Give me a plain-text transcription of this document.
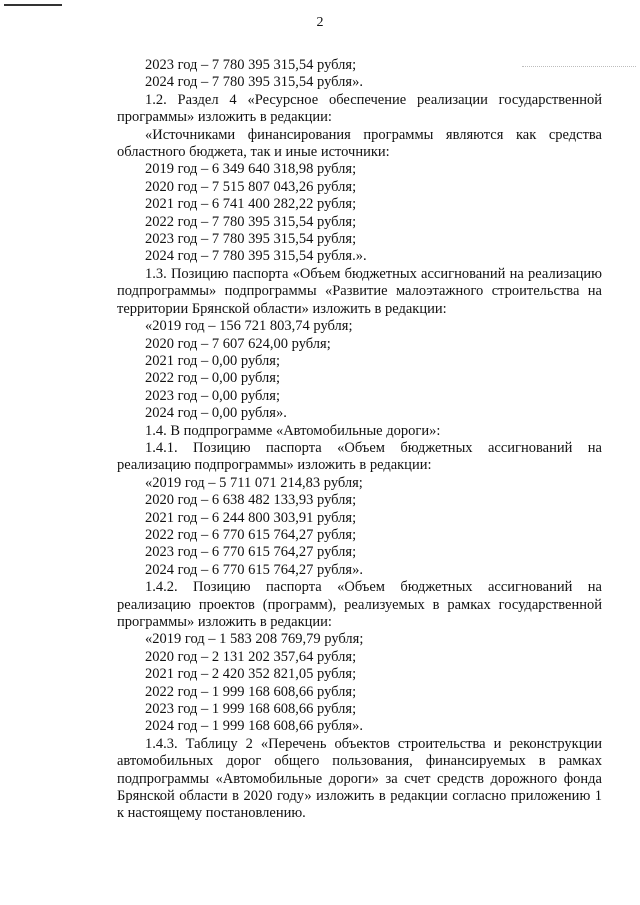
2

2023 год – 7 780 395 315,54 рубля;

2024 год – 7 780 395 315,54 рубля».

1.2. Раздел 4 «Ресурсное обеспечение реализации государственной программы» изложить в редакции:

«Источниками финансирования программы являются как средства областного бюджета, так и иные источники:

2019 год – 6 349 640 318,98 рубля;

2020 год – 7 515 807 043,26 рубля;

2021 год – 6 741 400 282,22 рубля;

2022 год – 7 780 395 315,54 рубля;

2023 год – 7 780 395 315,54 рубля;

2024 год – 7 780 395 315,54 рубля.».

1.3. Позицию паспорта «Объем бюджетных ассигнований на реализацию подпрограммы» подпрограммы «Развитие малоэтажного строительства на территории Брянской области» изложить в редакции:

«2019 год – 156 721 803,74 рубля;

2020 год – 7 607 624,00 рубля;

2021 год – 0,00 рубля;

2022 год – 0,00 рубля;

2023 год – 0,00 рубля;

2024 год – 0,00 рубля».

1.4. В подпрограмме «Автомобильные дороги»:

1.4.1. Позицию паспорта «Объем бюджетных ассигнований на реализацию подпрограммы» изложить в редакции:

«2019 год – 5 711 071 214,83 рубля;

2020 год – 6 638 482 133,93 рубля;

2021 год – 6 244 800 303,91 рубля;

2022 год – 6 770 615 764,27 рубля;

2023 год – 6 770 615 764,27 рубля;

2024 год – 6 770 615 764,27 рубля».

1.4.2. Позицию паспорта «Объем бюджетных ассигнований на реализацию проектов (программ), реализуемых в рамках государственной программы» изложить в редакции:

«2019 год – 1 583 208 769,79 рубля;

2020 год – 2 131 202 357,64 рубля;

2021 год – 2 420 352 821,05 рубля;

2022 год – 1 999 168 608,66 рубля;

2023 год – 1 999 168 608,66 рубля;

2024 год – 1 999 168 608,66 рубля».

1.4.3. Таблицу 2 «Перечень объектов строительства и реконструкции автомобильных дорог общего пользования, финансируемых в рамках подпрограммы «Автомобильные дороги» за счет средств дорожного фонда Брянской области в 2020 году» изложить в редакции согласно приложению 1 к настоящему постановлению.
